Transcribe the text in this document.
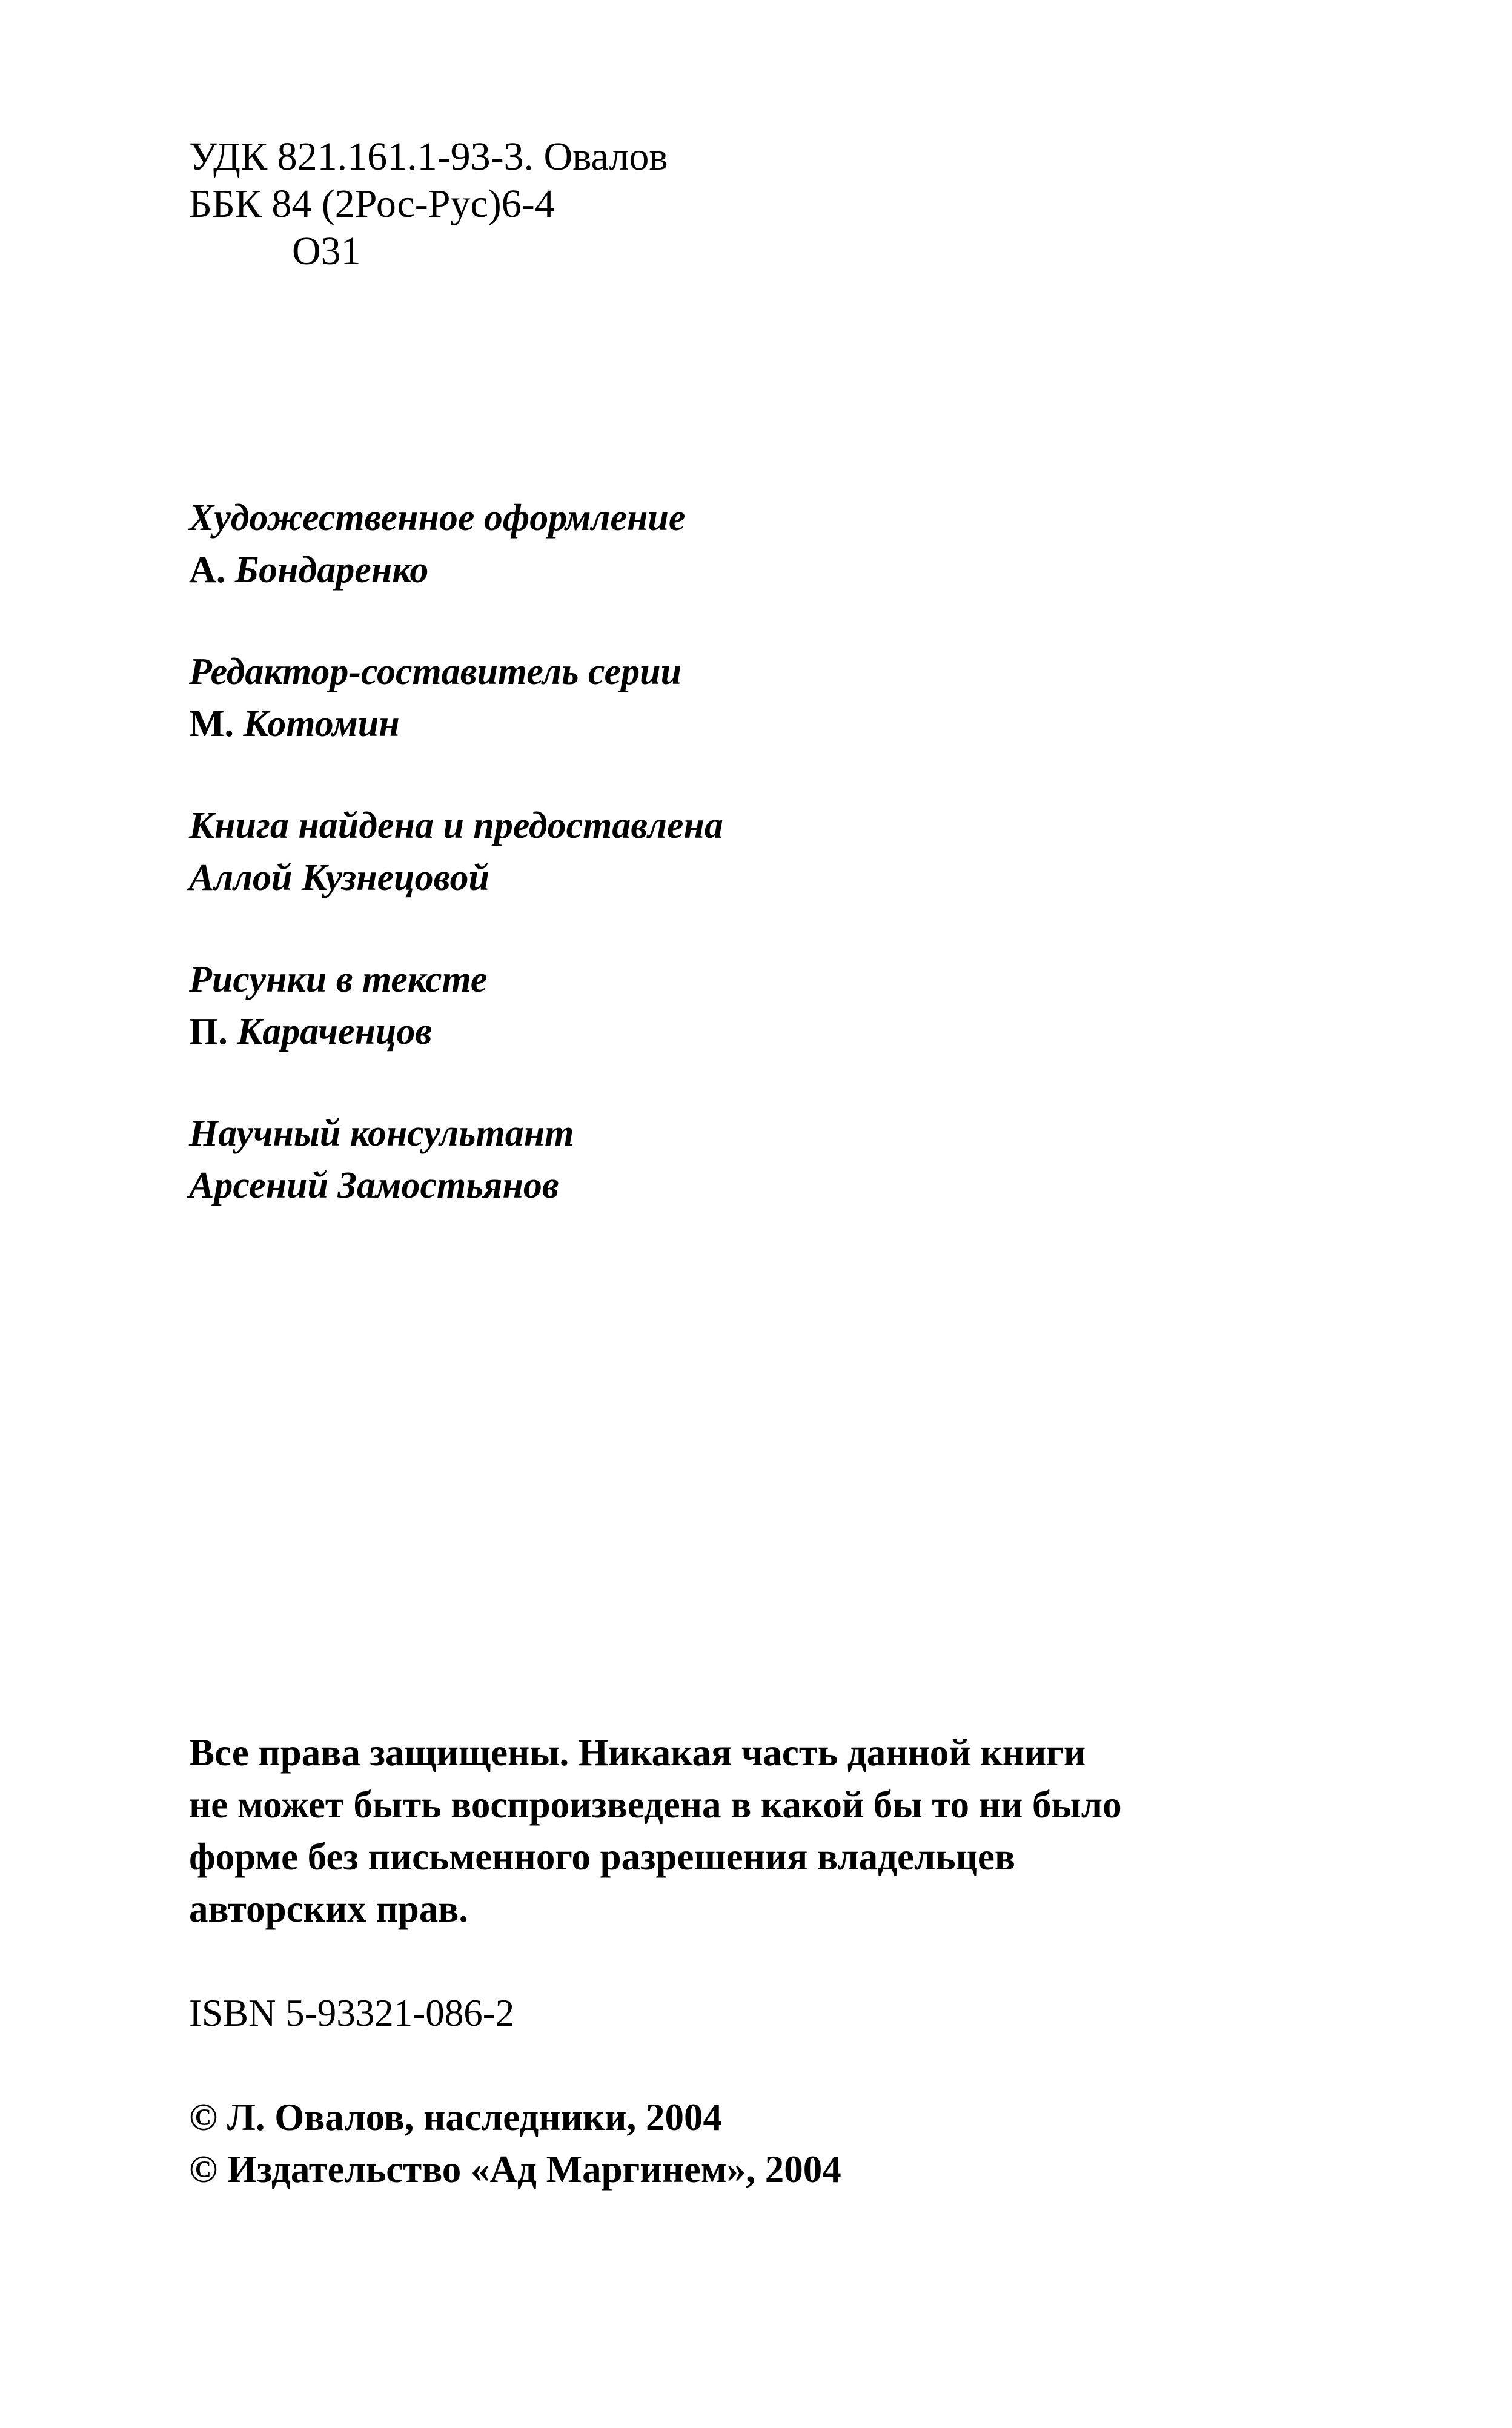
УДК 821.161.1-93-3. Овалов
ББК 84 (2Рос-Рус)6-4
О31
Художественное оформление
А. Бондаренко
Редактор-составитель серии
М. Котомин
Книга найдена и предоставлена
Аллой Кузнецовой
Рисунки в тексте
П. Караченцов
Научный консультант
Арсений Замостьянов
Все права защищены. Никакая часть данной книги
не может быть воспроизведена в какой бы то ни было
форме без письменного разрешения владельцев
авторских прав.
ISBN 5-93321-086-2
© Л. Овалов, наследники, 2004
© Издательство «Ад Маргинем», 2004
